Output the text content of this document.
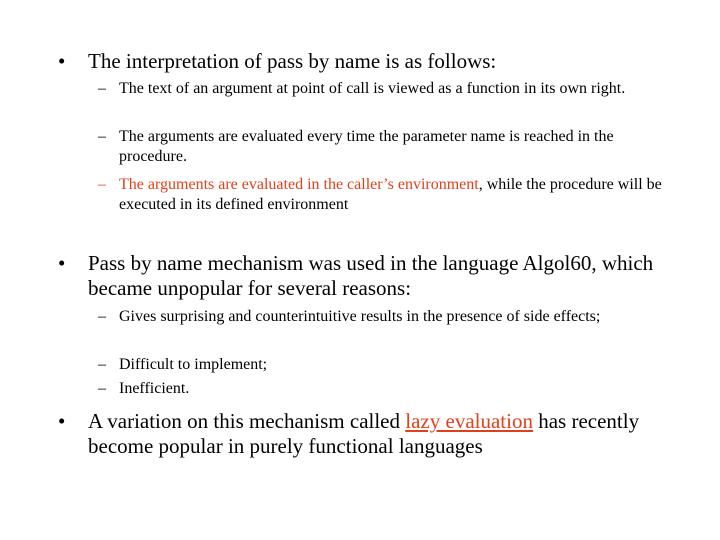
• The interpretation of pass by name is as follows:
– The text of an argument at point of call is viewed as a function in its own right.
– The arguments are evaluated every time the parameter name is reached in the procedure.
– The arguments are evaluated in the caller’s environment, while the procedure will be executed in its defined environment
• Pass by name mechanism was used in the language Algol60, which became unpopular for several reasons:
– Gives surprising and counterintuitive results in the presence of side effects;
– Difficult to implement;
– Inefficient.
• A variation on this mechanism called lazy evaluation has recently become popular in purely functional languages
